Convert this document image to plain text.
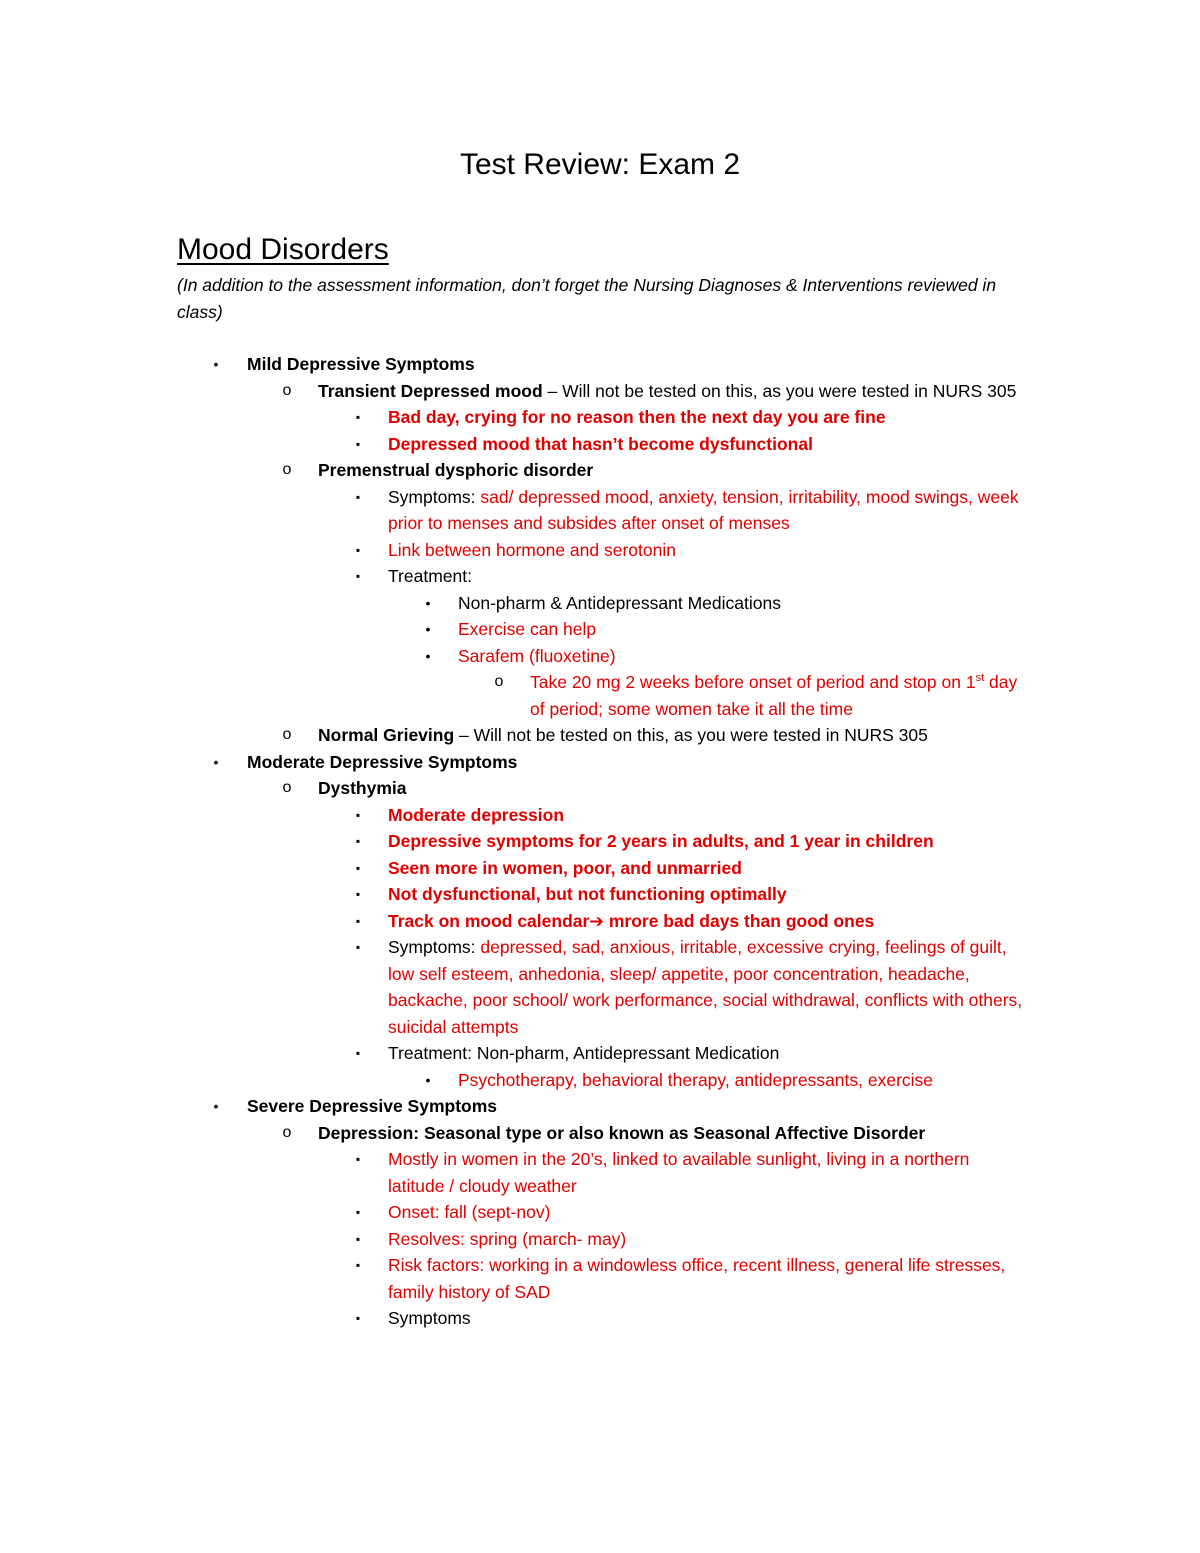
Test Review: Exam 2
Mood Disorders
(In addition to the assessment information, don’t forget the Nursing Diagnoses & Interventions reviewed in class)
•	Mild Depressive Symptoms
o	Transient Depressed mood – Will not be tested on this, as you were tested in NURS 305
▪	Bad day, crying for no reason then the next day you are fine
▪	Depressed mood that hasn’t become dysfunctional
o	Premenstrual dysphoric disorder
▪	Symptoms: sad/ depressed mood, anxiety, tension, irritability, mood swings, week prior to menses and subsides after onset of menses
▪	Link between hormone and serotonin
▪	Treatment:
•	Non-pharm & Antidepressant Medications
•	Exercise can help
•	Sarafem (fluoxetine)
o	Take 20 mg 2 weeks before onset of period and stop on 1st day of period; some women take it all the time
o	Normal Grieving – Will not be tested on this, as you were tested in NURS 305
•	Moderate Depressive Symptoms
o	Dysthymia
▪	Moderate depression
▪	Depressive symptoms for 2 years in adults, and 1 year in children
▪	Seen more in women, poor, and unmarried
▪	Not dysfunctional, but not functioning optimally
▪	Track on mood calendar➔ mrore bad days than good ones
▪	Symptoms: depressed, sad, anxious, irritable, excessive crying, feelings of guilt, low self esteem, anhedonia, sleep/ appetite, poor concentration, headache, backache, poor school/ work performance, social withdrawal, conflicts with others, suicidal attempts
▪	Treatment: Non-pharm, Antidepressant Medication
•	Psychotherapy, behavioral therapy, antidepressants, exercise
•	Severe Depressive Symptoms
o	Depression: Seasonal type or also known as Seasonal Affective Disorder
▪	Mostly in women in the 20’s, linked to available sunlight, living in a northern latitude / cloudy weather
▪	Onset: fall (sept-nov)
▪	Resolves: spring (march- may)
▪	Risk factors: working in a windowless office, recent illness, general life stresses, family history of SAD
▪	Symptoms
